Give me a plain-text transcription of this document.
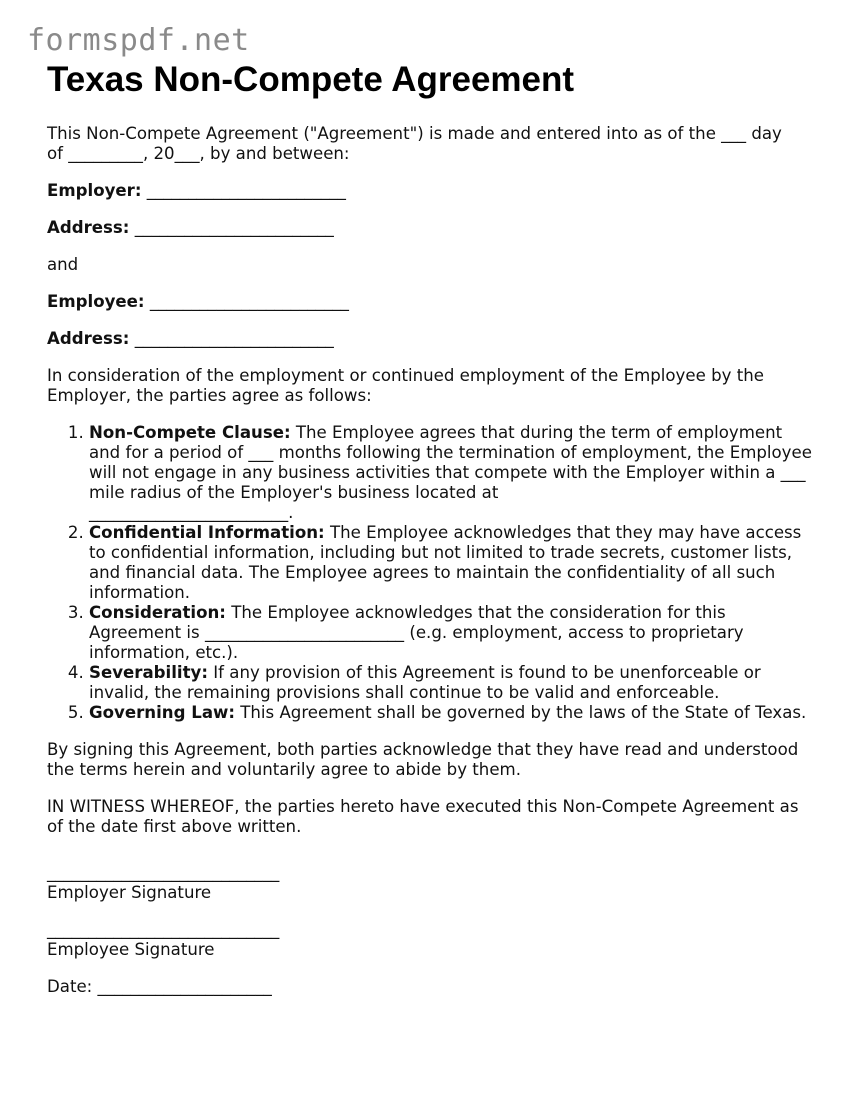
formspdf.net
Texas Non-Compete Agreement

This Non-Compete Agreement ("Agreement") is made and entered into as of the ___ day
of _________, 20___, by and between:

Employer: ________________________

Address: ________________________

and

Employee: ________________________

Address: ________________________

In consideration of the employment or continued employment of the Employee by the Employer, the parties agree as follows:

1. Non-Compete Clause: The Employee agrees that during the term of employment and for a period of ___ months following the termination of employment, the Employee will not engage in any business activities that compete with the Employer within a ___ mile radius of the Employer's business located at
________________________.
2. Confidential Information: The Employee acknowledges that they may have access to confidential information, including but not limited to trade secrets, customer lists, and financial data. The Employee agrees to maintain the confidentiality of all such information.
3. Consideration: The Employee acknowledges that the consideration for this Agreement is ________________________ (e.g. employment, access to proprietary information, etc.).
4. Severability: If any provision of this Agreement is found to be unenforceable or invalid, the remaining provisions shall continue to be valid and enforceable.
5. Governing Law: This Agreement shall be governed by the laws of the State of Texas.

By signing this Agreement, both parties acknowledge that they have read and understood the terms herein and voluntarily agree to abide by them.

IN WITNESS WHEREOF, the parties hereto have executed this Non-Compete Agreement as of the date first above written.

____________________________
Employer Signature

____________________________
Employee Signature

Date: _____________________
